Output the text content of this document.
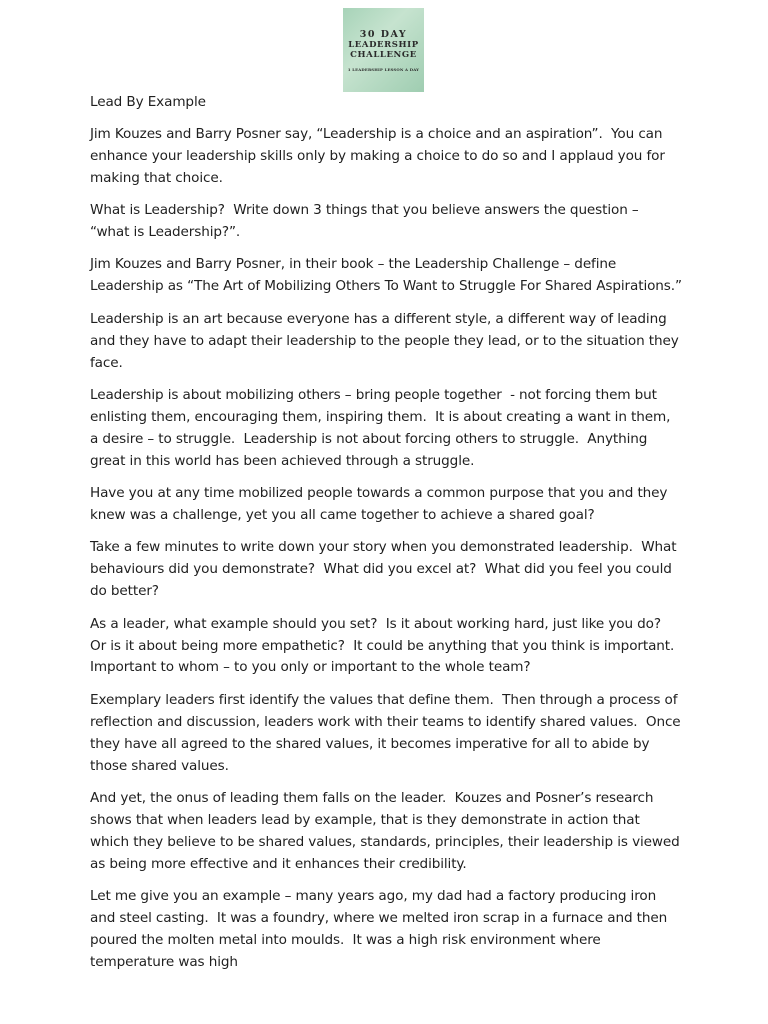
30 DAY
LEADERSHIP
CHALLENGE
1 LEADERSHIP LESSON A DAY

Lead By Example

Jim Kouzes and Barry Posner say, “Leadership is a choice and an aspiration”.  You can enhance your leadership skills only by making a choice to do so and I applaud you for making that choice.

What is Leadership?  Write down 3 things that you believe answers the question – “what is Leadership?”.

Jim Kouzes and Barry Posner, in their book – the Leadership Challenge – define Leadership as “The Art of Mobilizing Others To Want to Struggle For Shared Aspirations.”

Leadership is an art because everyone has a different style, a different way of leading and they have to adapt their leadership to the people they lead, or to the situation they face.

Leadership is about mobilizing others – bring people together  - not forcing them but enlisting them, encouraging them, inspiring them.  It is about creating a want in them, a desire – to struggle.  Leadership is not about forcing others to struggle.  Anything great in this world has been achieved through a struggle.

Have you at any time mobilized people towards a common purpose that you and they knew was a challenge, yet you all came together to achieve a shared goal?

Take a few minutes to write down your story when you demonstrated leadership.  What behaviours did you demonstrate?  What did you excel at?  What did you feel you could do better?

As a leader, what example should you set?  Is it about working hard, just like you do?  Or is it about being more empathetic?  It could be anything that you think is important.  Important to whom – to you only or important to the whole team?

Exemplary leaders first identify the values that define them.  Then through a process of reflection and discussion, leaders work with their teams to identify shared values.  Once they have all agreed to the shared values, it becomes imperative for all to abide by those shared values.

And yet, the onus of leading them falls on the leader.  Kouzes and Posner’s research shows that when leaders lead by example, that is they demonstrate in action that which they believe to be shared values, standards, principles, their leadership is viewed as being more effective and it enhances their credibility.

Let me give you an example – many years ago, my dad had a factory producing iron and steel casting.  It was a foundry, where we melted iron scrap in a furnace and then poured the molten metal into moulds.  It was a high risk environment where temperature was high
